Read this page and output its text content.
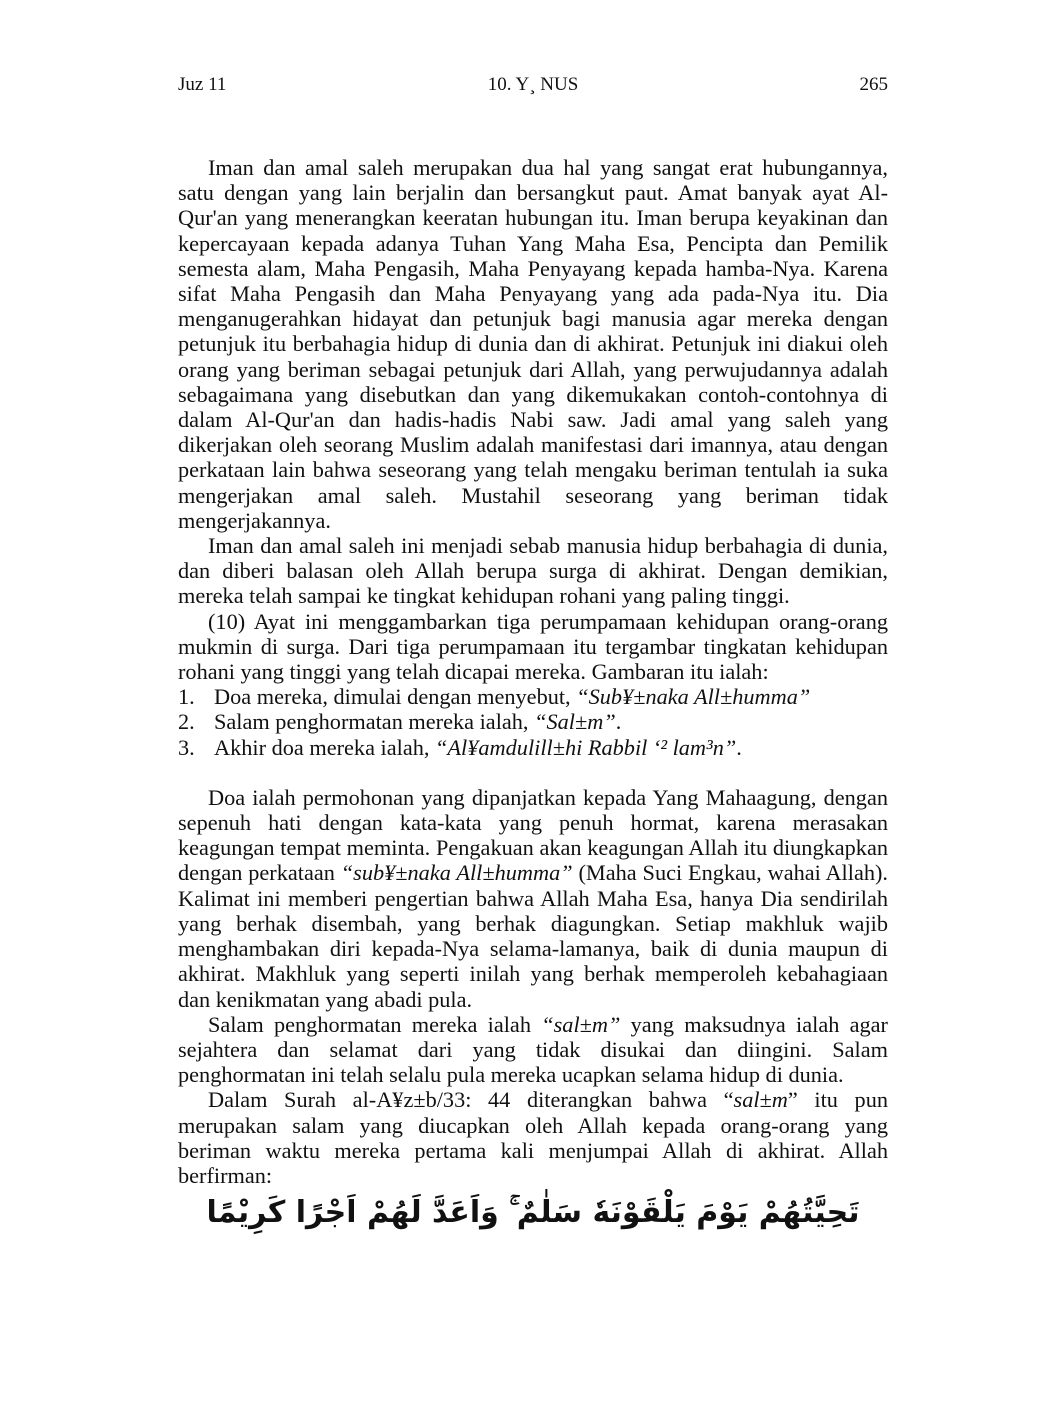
Juz 11	10. Y¸ NUS	265

Iman dan amal saleh merupakan dua hal yang sangat erat hubungannya, satu dengan yang lain berjalin dan bersangkut paut. Amat banyak ayat Al-Qur'an yang menerangkan keeratan hubungan itu. Iman berupa keyakinan dan kepercayaan kepada adanya Tuhan Yang Maha Esa, Pencipta dan Pemilik semesta alam, Maha Pengasih, Maha Penyayang kepada hamba-Nya. Karena sifat Maha Pengasih dan Maha Penyayang yang ada pada-Nya itu. Dia menganugerahkan hidayat dan petunjuk bagi manusia agar mereka dengan petunjuk itu berbahagia hidup di dunia dan di akhirat. Petunjuk ini diakui oleh orang yang beriman sebagai petunjuk dari Allah, yang perwujudannya adalah sebagaimana yang disebutkan dan yang dikemukakan contoh-contohnya di dalam Al-Qur'an dan hadis-hadis Nabi saw. Jadi amal yang saleh yang dikerjakan oleh seorang Muslim adalah manifestasi dari imannya, atau dengan perkataan lain bahwa seseorang yang telah mengaku beriman tentulah ia suka mengerjakan amal saleh. Mustahil seseorang yang beriman tidak mengerjakannya.

Iman dan amal saleh ini menjadi sebab manusia hidup berbahagia di dunia, dan diberi balasan oleh Allah berupa surga di akhirat. Dengan demikian, mereka telah sampai ke tingkat kehidupan rohani yang paling tinggi.

(10) Ayat ini menggambarkan tiga perumpamaan kehidupan orang-orang mukmin di surga. Dari tiga perumpamaan itu tergambar tingkatan kehidupan rohani yang tinggi yang telah dicapai mereka. Gambaran itu ialah:

1. Doa mereka, dimulai dengan menyebut, “Sub¥±naka All±humma”
2. Salam penghormatan mereka ialah, “Sal±m”.
3. Akhir doa mereka ialah, “Al¥amdulill±hi Rabbil ‘² lam³n”.

Doa ialah permohonan yang dipanjatkan kepada Yang Mahaagung, dengan sepenuh hati dengan kata-kata yang penuh hormat, karena merasakan keagungan tempat meminta. Pengakuan akan keagungan Allah itu diungkapkan dengan perkataan “sub¥±naka All±humma” (Maha Suci Engkau, wahai Allah). Kalimat ini memberi pengertian bahwa Allah Maha Esa, hanya Dia sendirilah yang berhak disembah, yang berhak diagungkan. Setiap makhluk wajib menghambakan diri kepada-Nya selama-lamanya, baik di dunia maupun di akhirat. Makhluk yang seperti inilah yang berhak memperoleh kebahagiaan dan kenikmatan yang abadi pula.

Salam penghormatan mereka ialah “sal±m” yang maksudnya ialah agar sejahtera dan selamat dari yang tidak disukai dan diingini. Salam penghormatan ini telah selalu pula mereka ucapkan selama hidup di dunia.

Dalam Surah al-A¥z±b/33: 44 diterangkan bahwa “sal±m” itu pun merupakan salam yang diucapkan oleh Allah kepada orang-orang yang beriman waktu mereka pertama kali menjumpai Allah di akhirat. Allah berfirman:

تَحِيَّتُهُمْ يَوْمَ يَلْقَوْنَهٗ سَلٰمٌ ۚ وَاَعَدَّ لَهُمْ اَجْرًا كَرِيْمًا
